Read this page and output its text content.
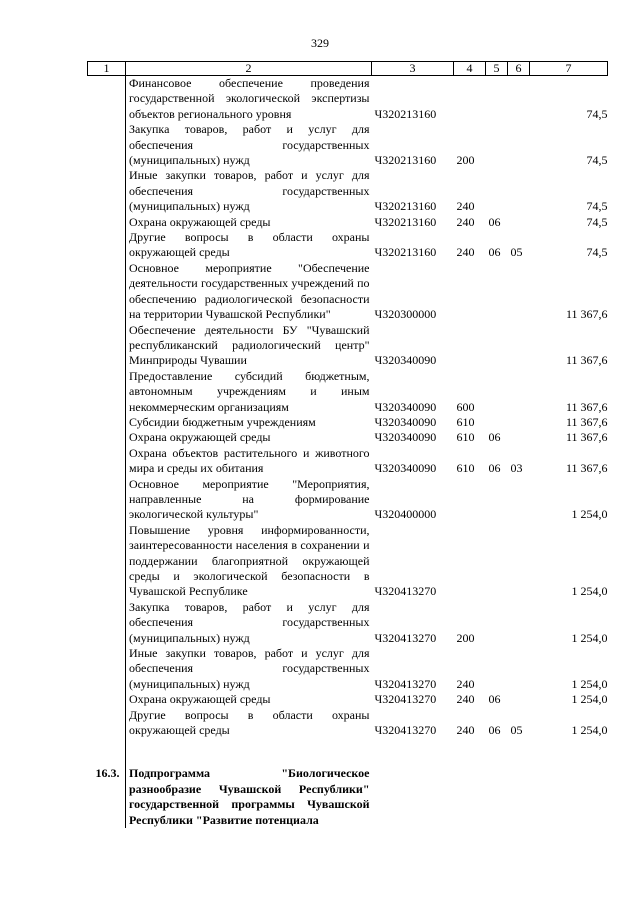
329
1	2	3	4	5	6	7
	Финансовое обеспечение проведения государственной экологической экспертизы объектов регионального уровня	Ч320213160				74,5
	Закупка товаров, работ и услуг для обеспечения государственных (муниципальных) нужд	Ч320213160	200			74,5
	Иные закупки товаров, работ и услуг для обеспечения государственных (муниципальных) нужд	Ч320213160	240			74,5
	Охрана окружающей среды	Ч320213160	240	06		74,5
	Другие вопросы в области охраны окружающей среды	Ч320213160	240	06	05	74,5
	Основное мероприятие "Обеспечение деятельности государственных учреждений по обеспечению радиологической безопасности на территории Чувашской Республики"	Ч320300000				11 367,6
	Обеспечение деятельности БУ "Чувашский республиканский радиологический центр" Минприроды Чувашии	Ч320340090				11 367,6
	Предоставление субсидий бюджетным, автономным учреждениям и иным некоммерческим организациям	Ч320340090	600			11 367,6
	Субсидии бюджетным учреждениям	Ч320340090	610			11 367,6
	Охрана окружающей среды	Ч320340090	610	06		11 367,6
	Охрана объектов растительного и животного мира и среды их обитания	Ч320340090	610	06	03	11 367,6
	Основное мероприятие "Мероприятия, направленные на формирование экологической культуры"	Ч320400000				1 254,0
	Повышение уровня информированности, заинтересованности населения в сохранении и поддержании благоприятной окружающей среды и экологической безопасности в Чувашской Республике	Ч320413270				1 254,0
	Закупка товаров, работ и услуг для обеспечения государственных (муниципальных) нужд	Ч320413270	200			1 254,0
	Иные закупки товаров, работ и услуг для обеспечения государственных (муниципальных) нужд	Ч320413270	240			1 254,0
	Охрана окружающей среды	Ч320413270	240	06		1 254,0
	Другие вопросы в области охраны окружающей среды	Ч320413270	240	06	05	1 254,0
16.3.	Подпрограмма "Биологическое разнообразие Чувашской Республики" государственной программы Чувашской Республики "Развитие потенциала					
